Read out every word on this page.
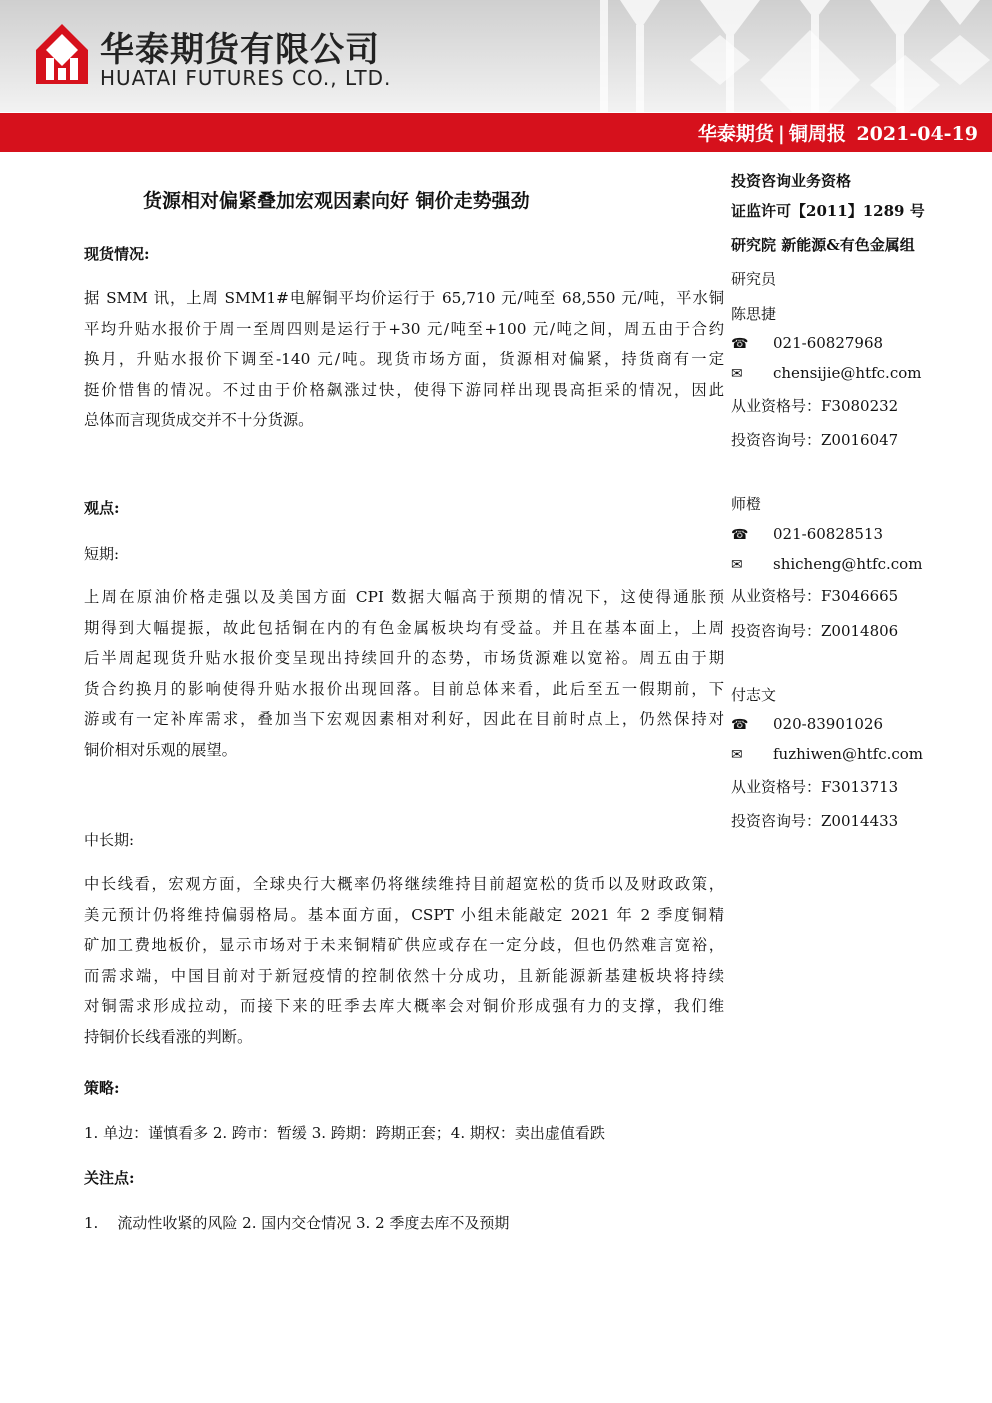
华泰期货有限公司
HUATAI FUTURES CO., LTD.
华泰期货 | 铜周报 2021-04-19
货源相对偏紧叠加宏观因素向好 铜价走势强劲
现货情况:
据 SMM 讯，上周 SMM1#电解铜平均价运行于 65,710 元/吨至 68,550 元/吨，平水铜
平均升贴水报价于周一至周四则是运行于+30 元/吨至+100 元/吨之间，周五由于合约
换月，升贴水报价下调至-140 元/吨。现货市场方面，货源相对偏紧，持货商有一定
挺价惜售的情况。不过由于价格飙涨过快，使得下游同样出现畏高拒采的情况，因此
总体而言现货成交并不十分货源。
观点:
短期:
上周在原油价格走强以及美国方面 CPI 数据大幅高于预期的情况下，这使得通胀预
期得到大幅提振，故此包括铜在内的有色金属板块均有受益。并且在基本面上，上周
后半周起现货升贴水报价变呈现出持续回升的态势，市场货源难以宽裕。周五由于期
货合约换月的影响使得升贴水报价出现回落。目前总体来看，此后至五一假期前，下
游或有一定补库需求，叠加当下宏观因素相对利好，因此在目前时点上，仍然保持对
铜价相对乐观的展望。
中长期:
中长线看，宏观方面，全球央行大概率仍将继续维持目前超宽松的货币以及财政政策，
美元预计仍将维持偏弱格局。基本面方面，CSPT 小组未能敲定 2021 年 2 季度铜精
矿加工费地板价，显示市场对于未来铜精矿供应或存在一定分歧，但也仍然难言宽裕，
而需求端，中国目前对于新冠疫情的控制依然十分成功，且新能源新基建板块将持续
对铜需求形成拉动，而接下来的旺季去库大概率会对铜价形成强有力的支撑，我们维
持铜价长线看涨的判断。
策略:
1. 单边：谨慎看多 2. 跨市：暂缓 3. 跨期：跨期正套；4. 期权：卖出虚值看跌
关注点:
1.    流动性收紧的风险 2. 国内交仓情况 3. 2 季度去库不及预期
投资咨询业务资格
证监许可【2011】1289 号
研究院 新能源&有色金属组
研究员
陈思捷
☎ 021-60827968
✉ chensijie@htfc.com
从业资格号：F3080232
投资咨询号：Z0016047
师橙
☎ 021-60828513
✉ shicheng@htfc.com
从业资格号：F3046665
投资咨询号：Z0014806
付志文
☎ 020-83901026
✉ fuzhiwen@htfc.com
从业资格号：F3013713
投资咨询号：Z0014433
